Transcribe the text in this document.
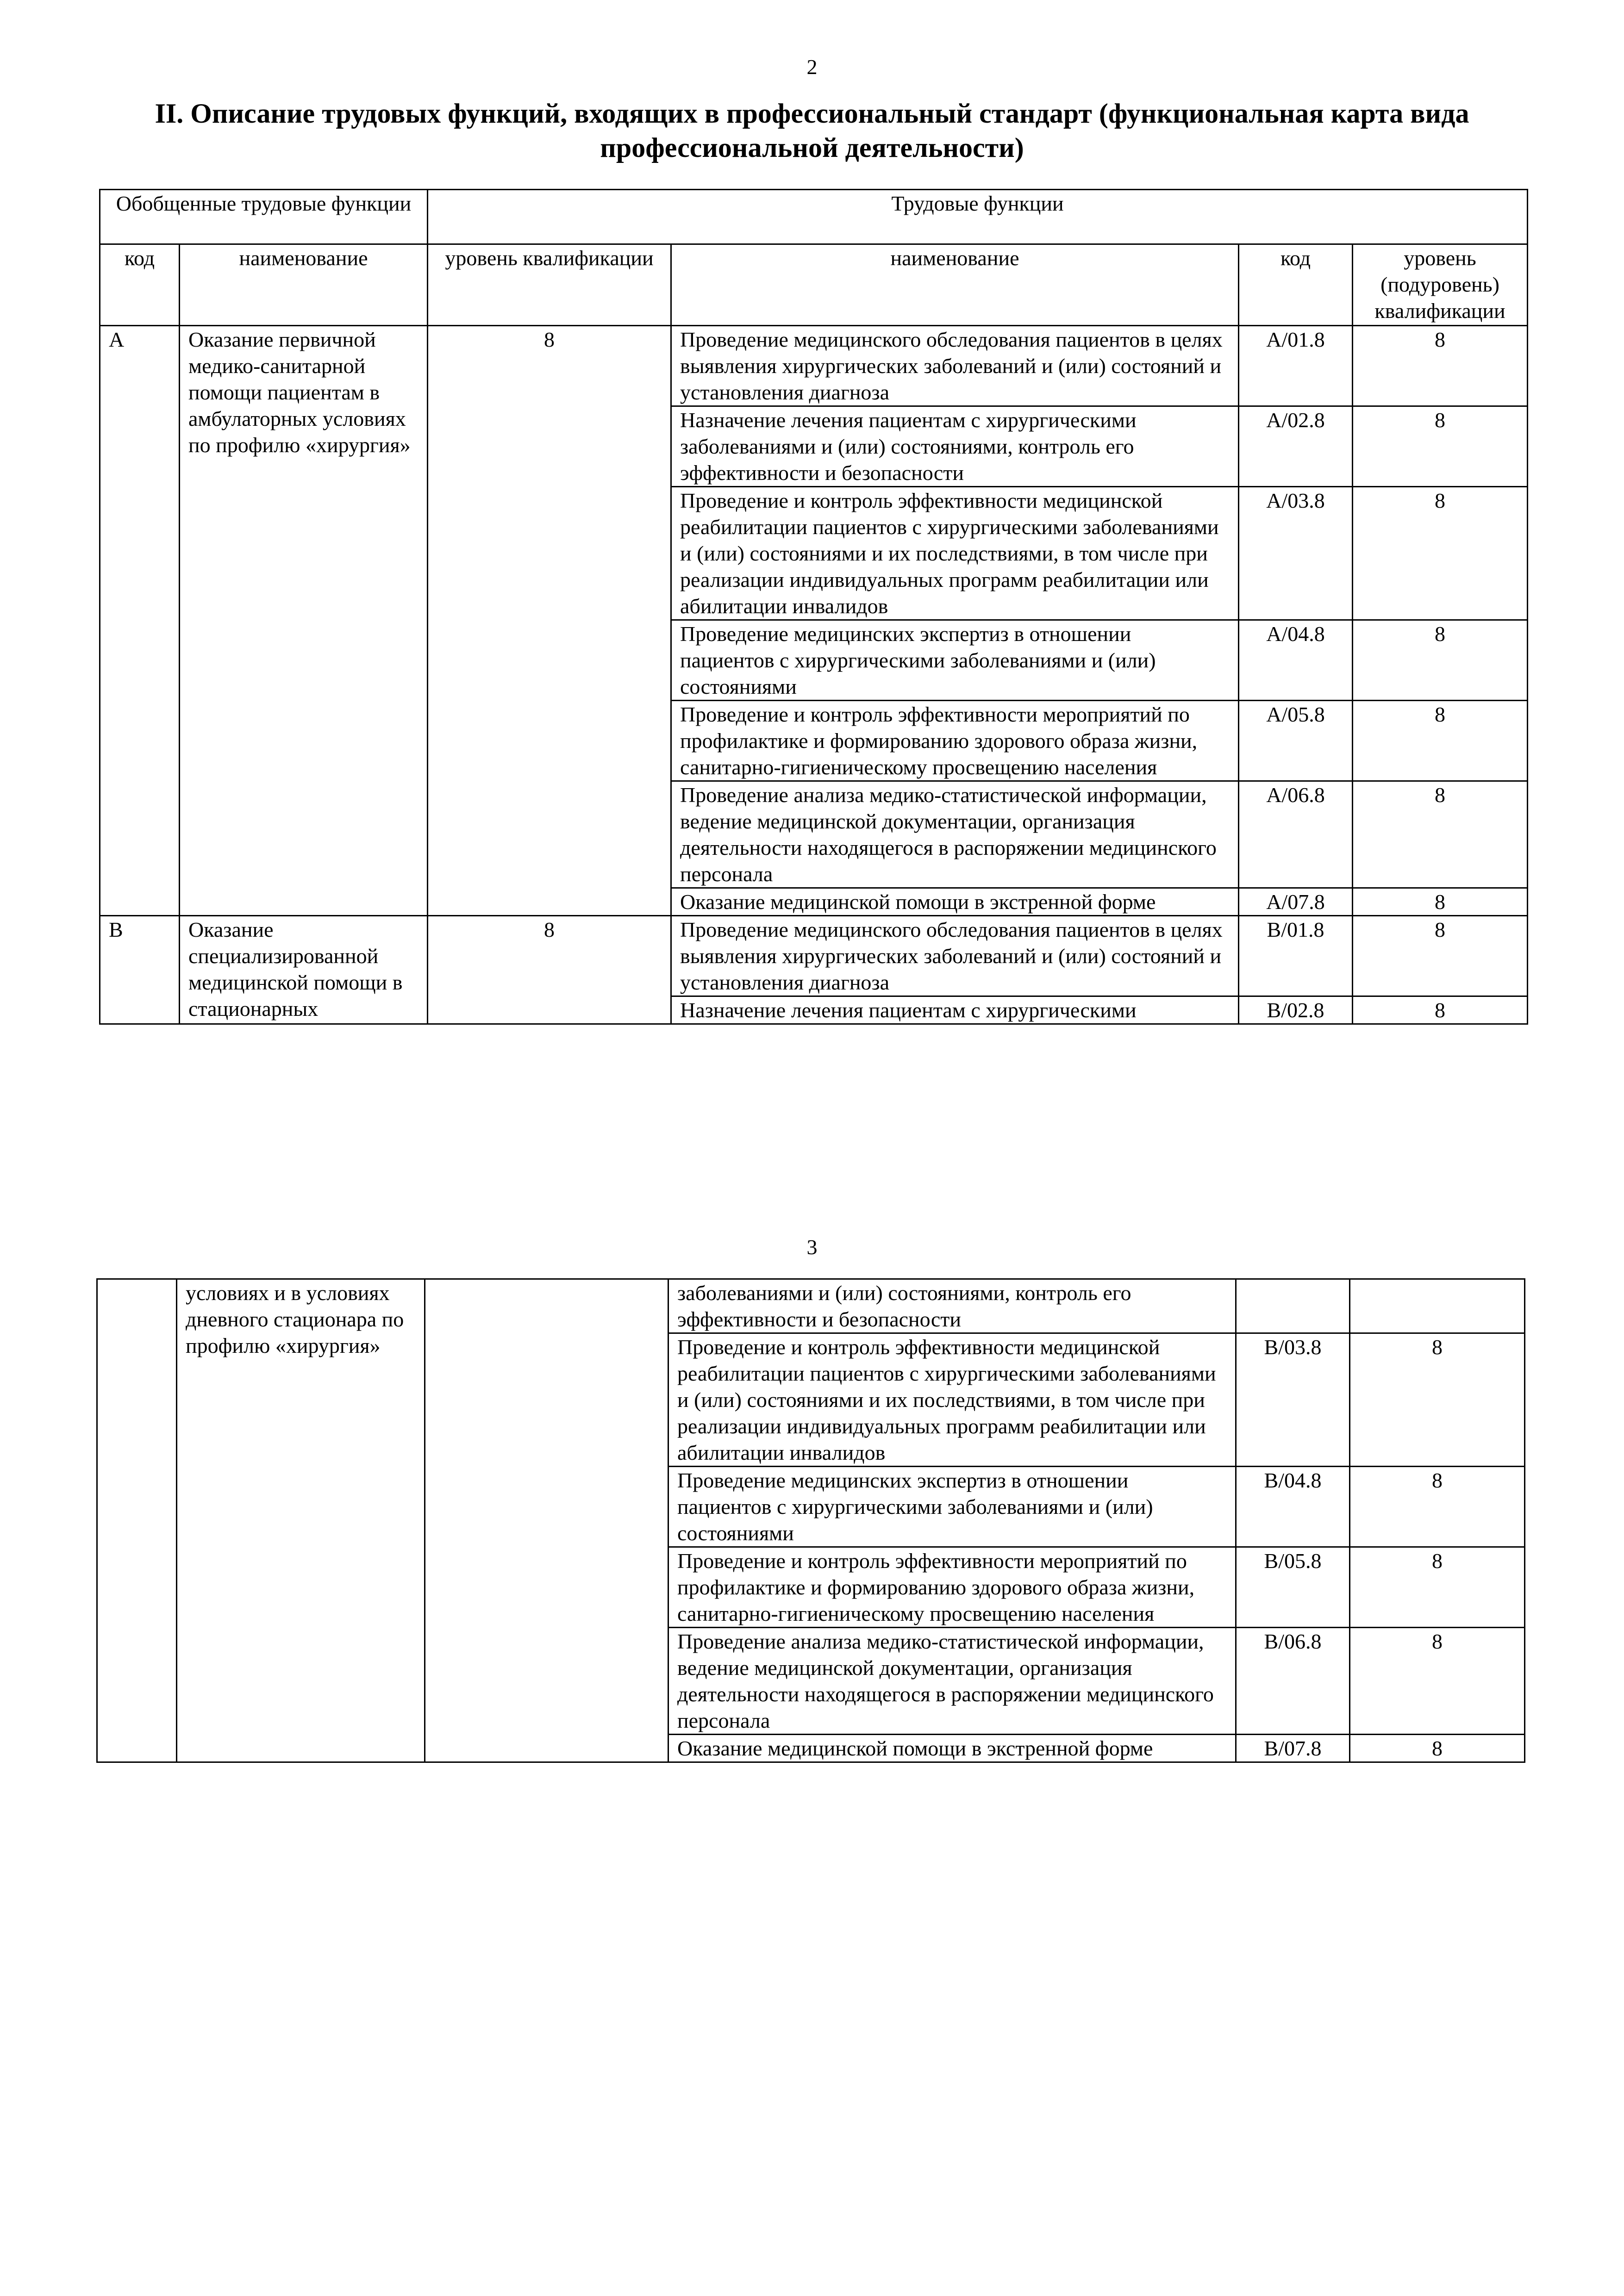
2
II. Описание трудовых функций, входящих в профессиональный стандарт (функциональная карта вида профессиональной деятельности)
Обобщенные трудовые функции		Трудовые функции			
код	наименование	уровень квалификации	наименование	код	уровень (подуровень) квалификации
A	Оказание первичной медико-санитарной помощи пациентам в амбулаторных условиях по профилю «хирургия»	8	Проведение медицинского обследования пациентов в целях выявления хирургических заболеваний и (или) состояний и установления диагноза	A/01.8	8
			Назначение лечения пациентам с хирургическими заболеваниями и (или) состояниями, контроль его эффективности и безопасности	A/02.8	8
			Проведение и контроль эффективности медицинской реабилитации пациентов с хирургическими заболеваниями и (или) состояниями и их последствиями, в том числе при реализации индивидуальных программ реабилитации или абилитации инвалидов	A/03.8	8
			Проведение медицинских экспертиз в отношении пациентов с хирургическими заболеваниями и (или) состояниями	A/04.8	8
			Проведение и контроль эффективности мероприятий по профилактике и формированию здорового образа жизни, санитарно-гигиеническому просвещению населения	A/05.8	8
			Проведение анализа медико-статистической информации, ведение медицинской документации, организация деятельности находящегося в распоряжении медицинского персонала	A/06.8	8
			Оказание медицинской помощи в экстренной форме	A/07.8	8
B	Оказание специализированной медицинской помощи в стационарных	8	Проведение медицинского обследования пациентов в целях выявления хирургических заболеваний и (или) состояний и установления диагноза	B/01.8	8
			Назначение лечения пациентам с хирургическими	B/02.8	8
3
	условиях и в условиях дневного стационара по профилю «хирургия»		заболеваниями и (или) состояниями, контроль его эффективности и безопасности		
			Проведение и контроль эффективности медицинской реабилитации пациентов с хирургическими заболеваниями и (или) состояниями и их последствиями, в том числе при реализации индивидуальных программ реабилитации или абилитации инвалидов	B/03.8	8
			Проведение медицинских экспертиз в отношении пациентов с хирургическими заболеваниями и (или) состояниями	B/04.8	8
			Проведение и контроль эффективности мероприятий по профилактике и формированию здорового образа жизни, санитарно-гигиеническому просвещению населения	B/05.8	8
			Проведение анализа медико-статистической информации, ведение медицинской документации, организация деятельности находящегося в распоряжении медицинского персонала	B/06.8	8
			Оказание медицинской помощи в экстренной форме	B/07.8	8
